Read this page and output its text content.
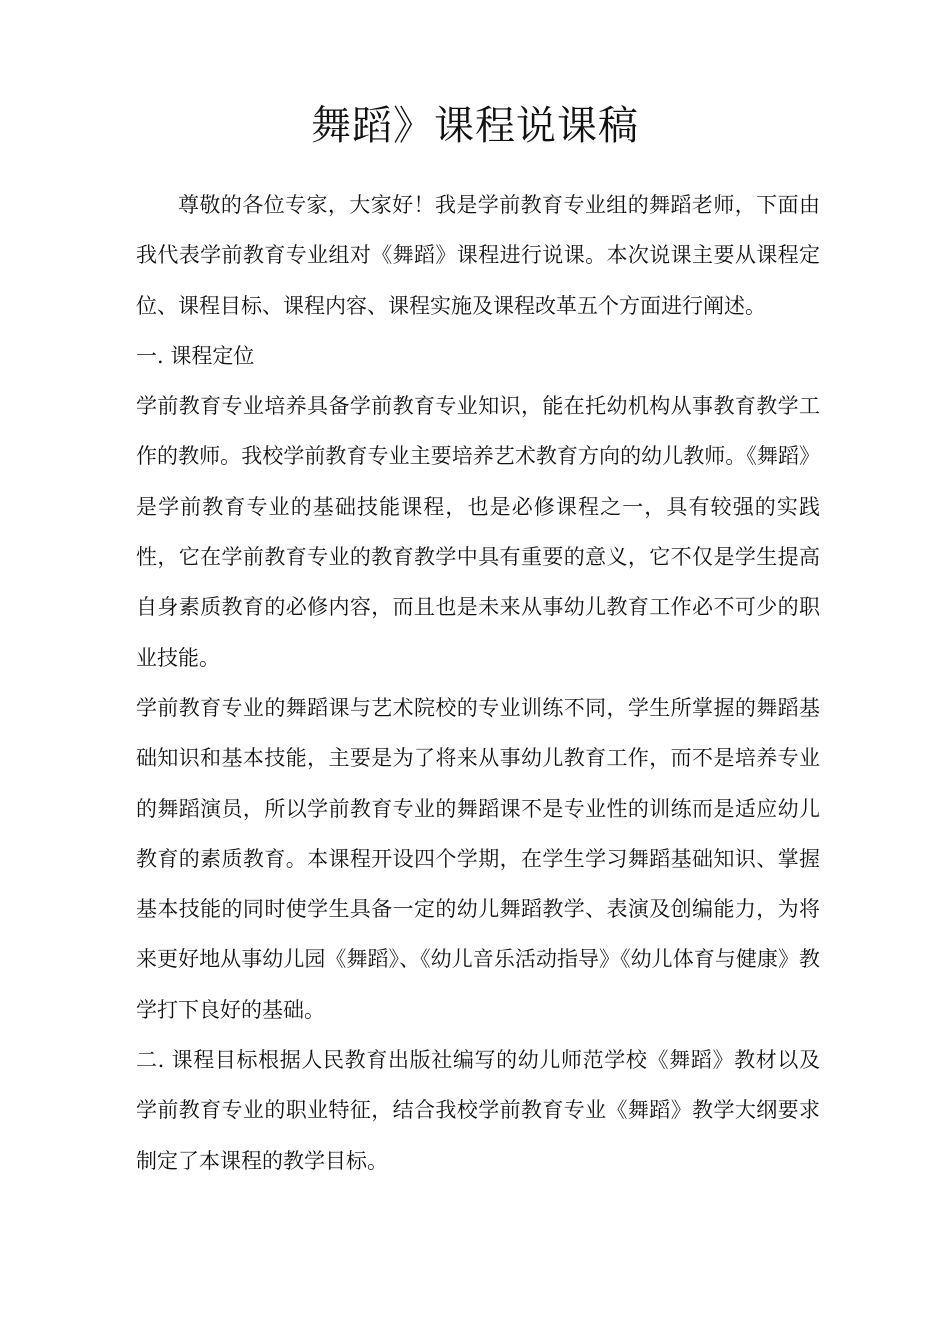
舞蹈》课程说课稿

尊敬的各位专家，大家好！我是学前教育专业组的舞蹈老师，下面由我代表学前教育专业组对《舞蹈》课程进行说课。本次说课主要从课程定位、课程目标、课程内容、课程实施及课程改革五个方面进行阐述。

一. 课程定位

学前教育专业培养具备学前教育专业知识，能在托幼机构从事教育教学工作的教师。我校学前教育专业主要培养艺术教育方向的幼儿教师。《舞蹈》是学前教育专业的基础技能课程，也是必修课程之一，具有较强的实践性，它在学前教育专业的教育教学中具有重要的意义，它不仅是学生提高自身素质教育的必修内容，而且也是未来从事幼儿教育工作必不可少的职业技能。

学前教育专业的舞蹈课与艺术院校的专业训练不同，学生所掌握的舞蹈基础知识和基本技能，主要是为了将来从事幼儿教育工作，而不是培养专业的舞蹈演员，所以学前教育专业的舞蹈课不是专业性的训练而是适应幼儿教育的素质教育。本课程开设四个学期，在学生学习舞蹈基础知识、掌握基本技能的同时使学生具备一定的幼儿舞蹈教学、表演及创编能力，为将来更好地从事幼儿园《舞蹈》、《幼儿音乐活动指导》《幼儿体育与健康》教学打下良好的基础。

二. 课程目标根据人民教育出版社编写的幼儿师范学校《舞蹈》教材以及学前教育专业的职业特征，结合我校学前教育专业《舞蹈》教学大纲要求制定了本课程的教学目标。
